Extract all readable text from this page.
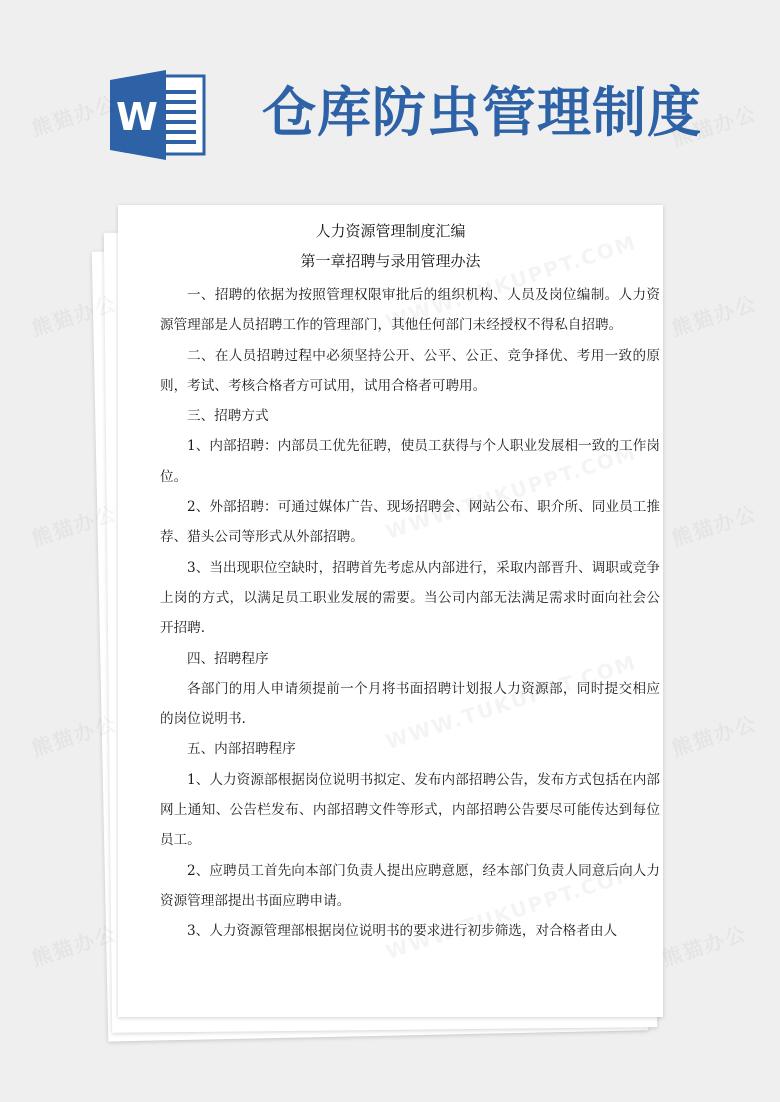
W 仓库防虫管理制度

人力资源管理制度汇编

第一章招聘与录用管理办法

一、招聘的依据为按照管理权限审批后的组织机构、人员及岗位编制。人力资源管理部是人员招聘工作的管理部门，其他任何部门未经授权不得私自招聘。

二、在人员招聘过程中必须坚持公开、公平、公正、竞争择优、考用一致的原则，考试、考核合格者方可试用，试用合格者可聘用。

三、招聘方式

1、内部招聘：内部员工优先征聘，使员工获得与个人职业发展相一致的工作岗位。

2、外部招聘：可通过媒体广告、现场招聘会、网站公布、职介所、同业员工推荐、猎头公司等形式从外部招聘。

3、当出现职位空缺时，招聘首先考虑从内部进行，采取内部晋升、调职或竞争上岗的方式，以满足员工职业发展的需要。当公司内部无法满足需求时面向社会公开招聘.

四、招聘程序

各部门的用人申请须提前一个月将书面招聘计划报人力资源部，同时提交相应的岗位说明书.

五、内部招聘程序

1、人力资源部根据岗位说明书拟定、发布内部招聘公告，发布方式包括在内部网上通知、公告栏发布、内部招聘文件等形式，内部招聘公告要尽可能传达到每位员工。

2、应聘员工首先向本部门负责人提出应聘意愿，经本部门负责人同意后向人力资源管理部提出书面应聘申请。

3、人力资源管理部根据岗位说明书的要求进行初步筛选，对合格者由人
